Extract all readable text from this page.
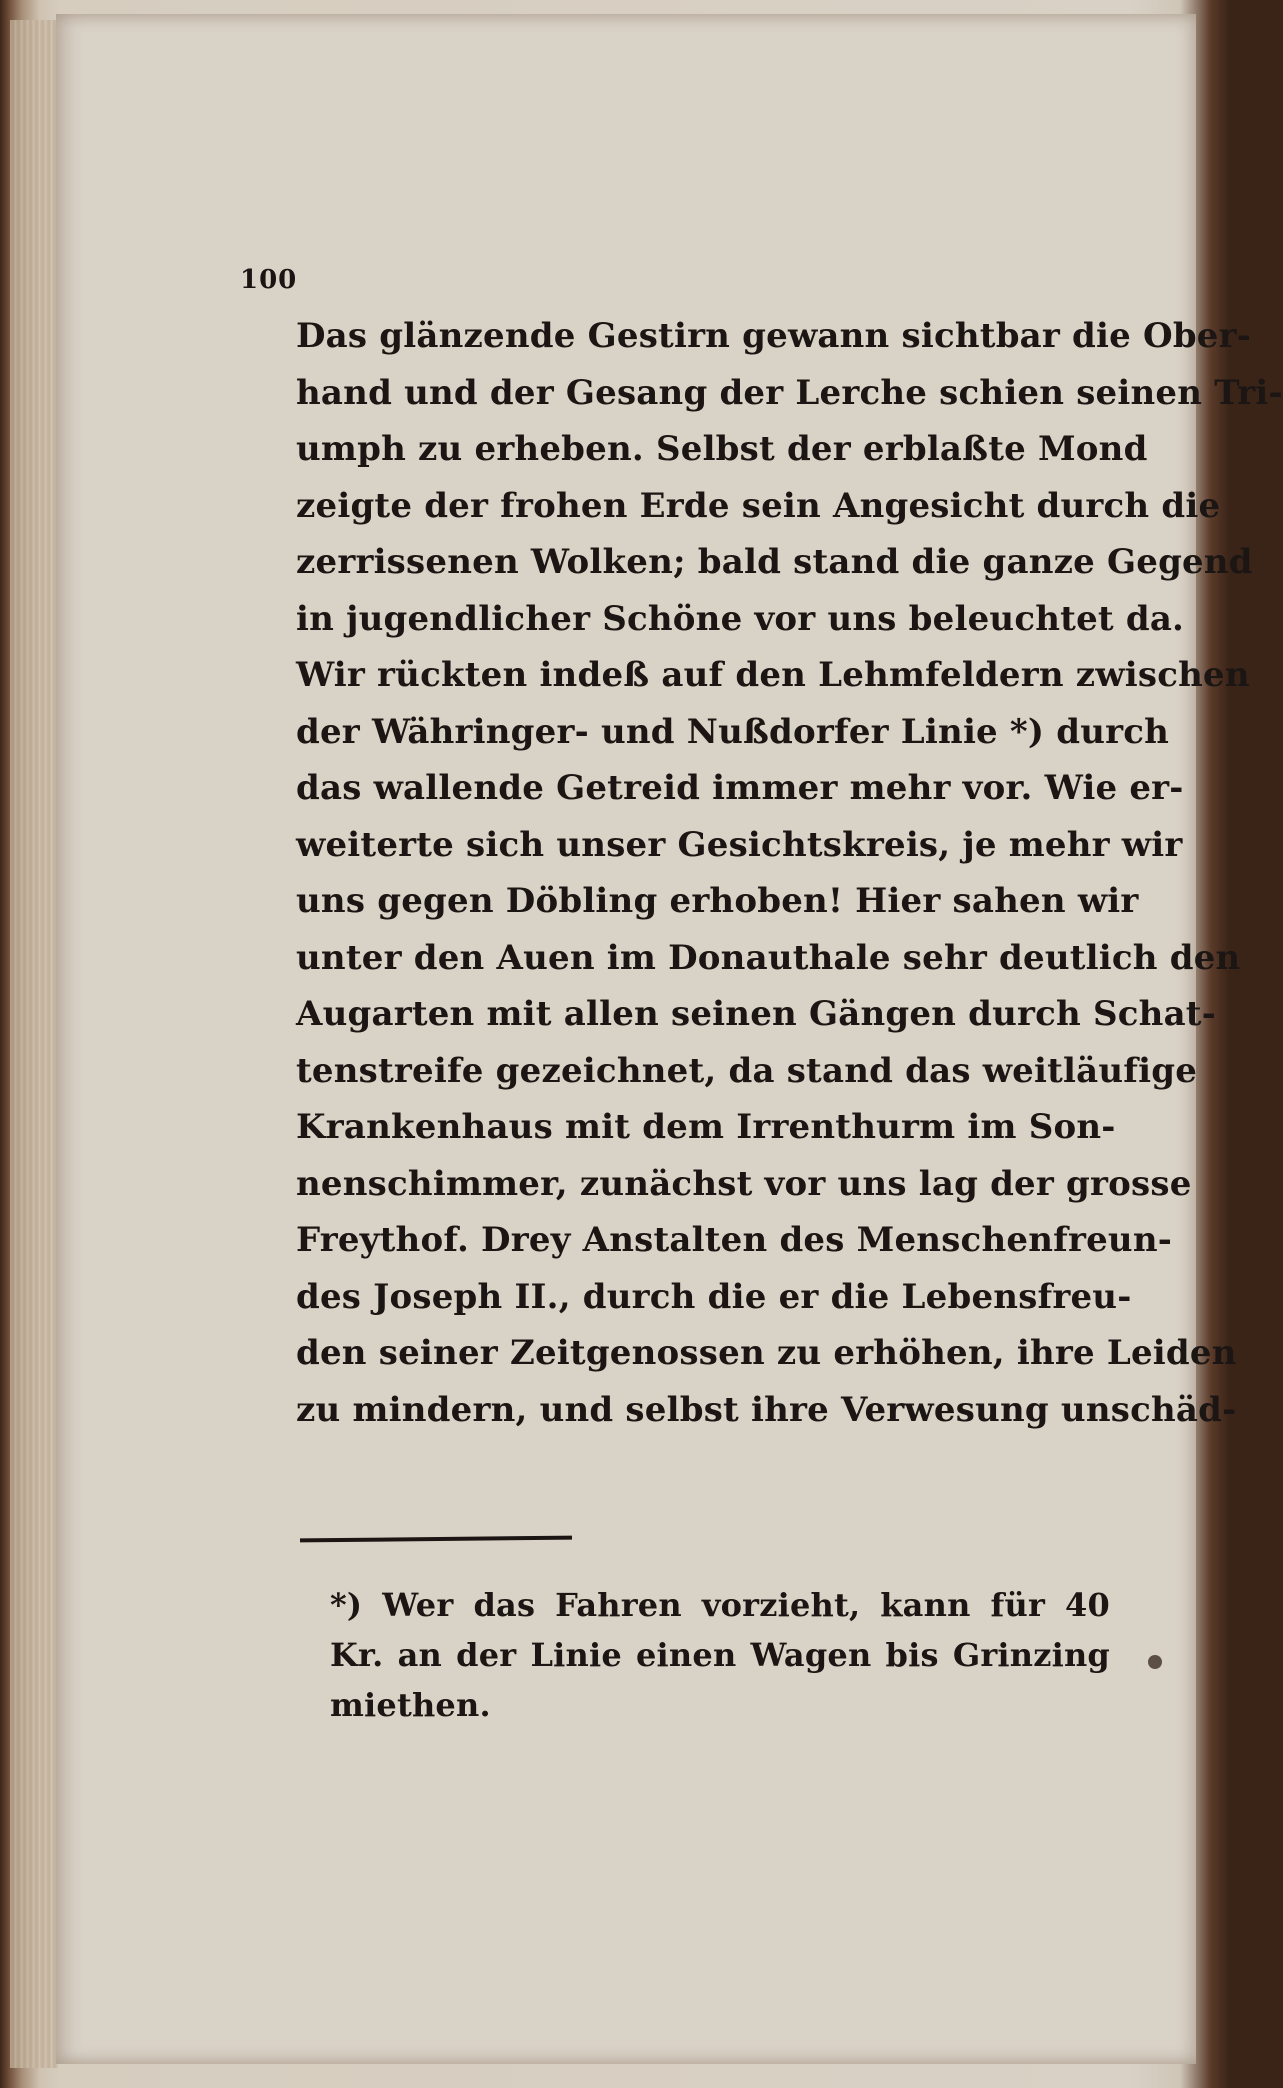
100
Das glänzende Gestirn gewann sichtbar die Ober-
hand und der Gesang der Lerche schien seinen Tri-
umph zu erheben. Selbst der erblaßte Mond
zeigte der frohen Erde sein Angesicht durch die
zerrissenen Wolken; bald stand die ganze Gegend
in jugendlicher Schöne vor uns beleuchtet da.
Wir rückten indeß auf den Lehmfeldern zwischen
der Währinger- und Nußdorfer Linie *) durch
das wallende Getreid immer mehr vor. Wie er-
weiterte sich unser Gesichtskreis, je mehr wir
uns gegen Döbling erhoben! Hier sahen wir
unter den Auen im Donauthale sehr deutlich den
Augarten mit allen seinen Gängen durch Schat-
tenstreife gezeichnet, da stand das weitläufige
Krankenhaus mit dem Irrenthurm im Son-
nenschimmer, zunächst vor uns lag der grosse
Freythof. Drey Anstalten des Menschenfreun-
des Joseph II., durch die er die Lebensfreu-
den seiner Zeitgenossen zu erhöhen, ihre Leiden
zu mindern, und selbst ihre Verwesung unschäd-
*) Wer das Fahren vorzieht, kann für 40
Kr. an der Linie einen Wagen bis Grinzing
miethen.
